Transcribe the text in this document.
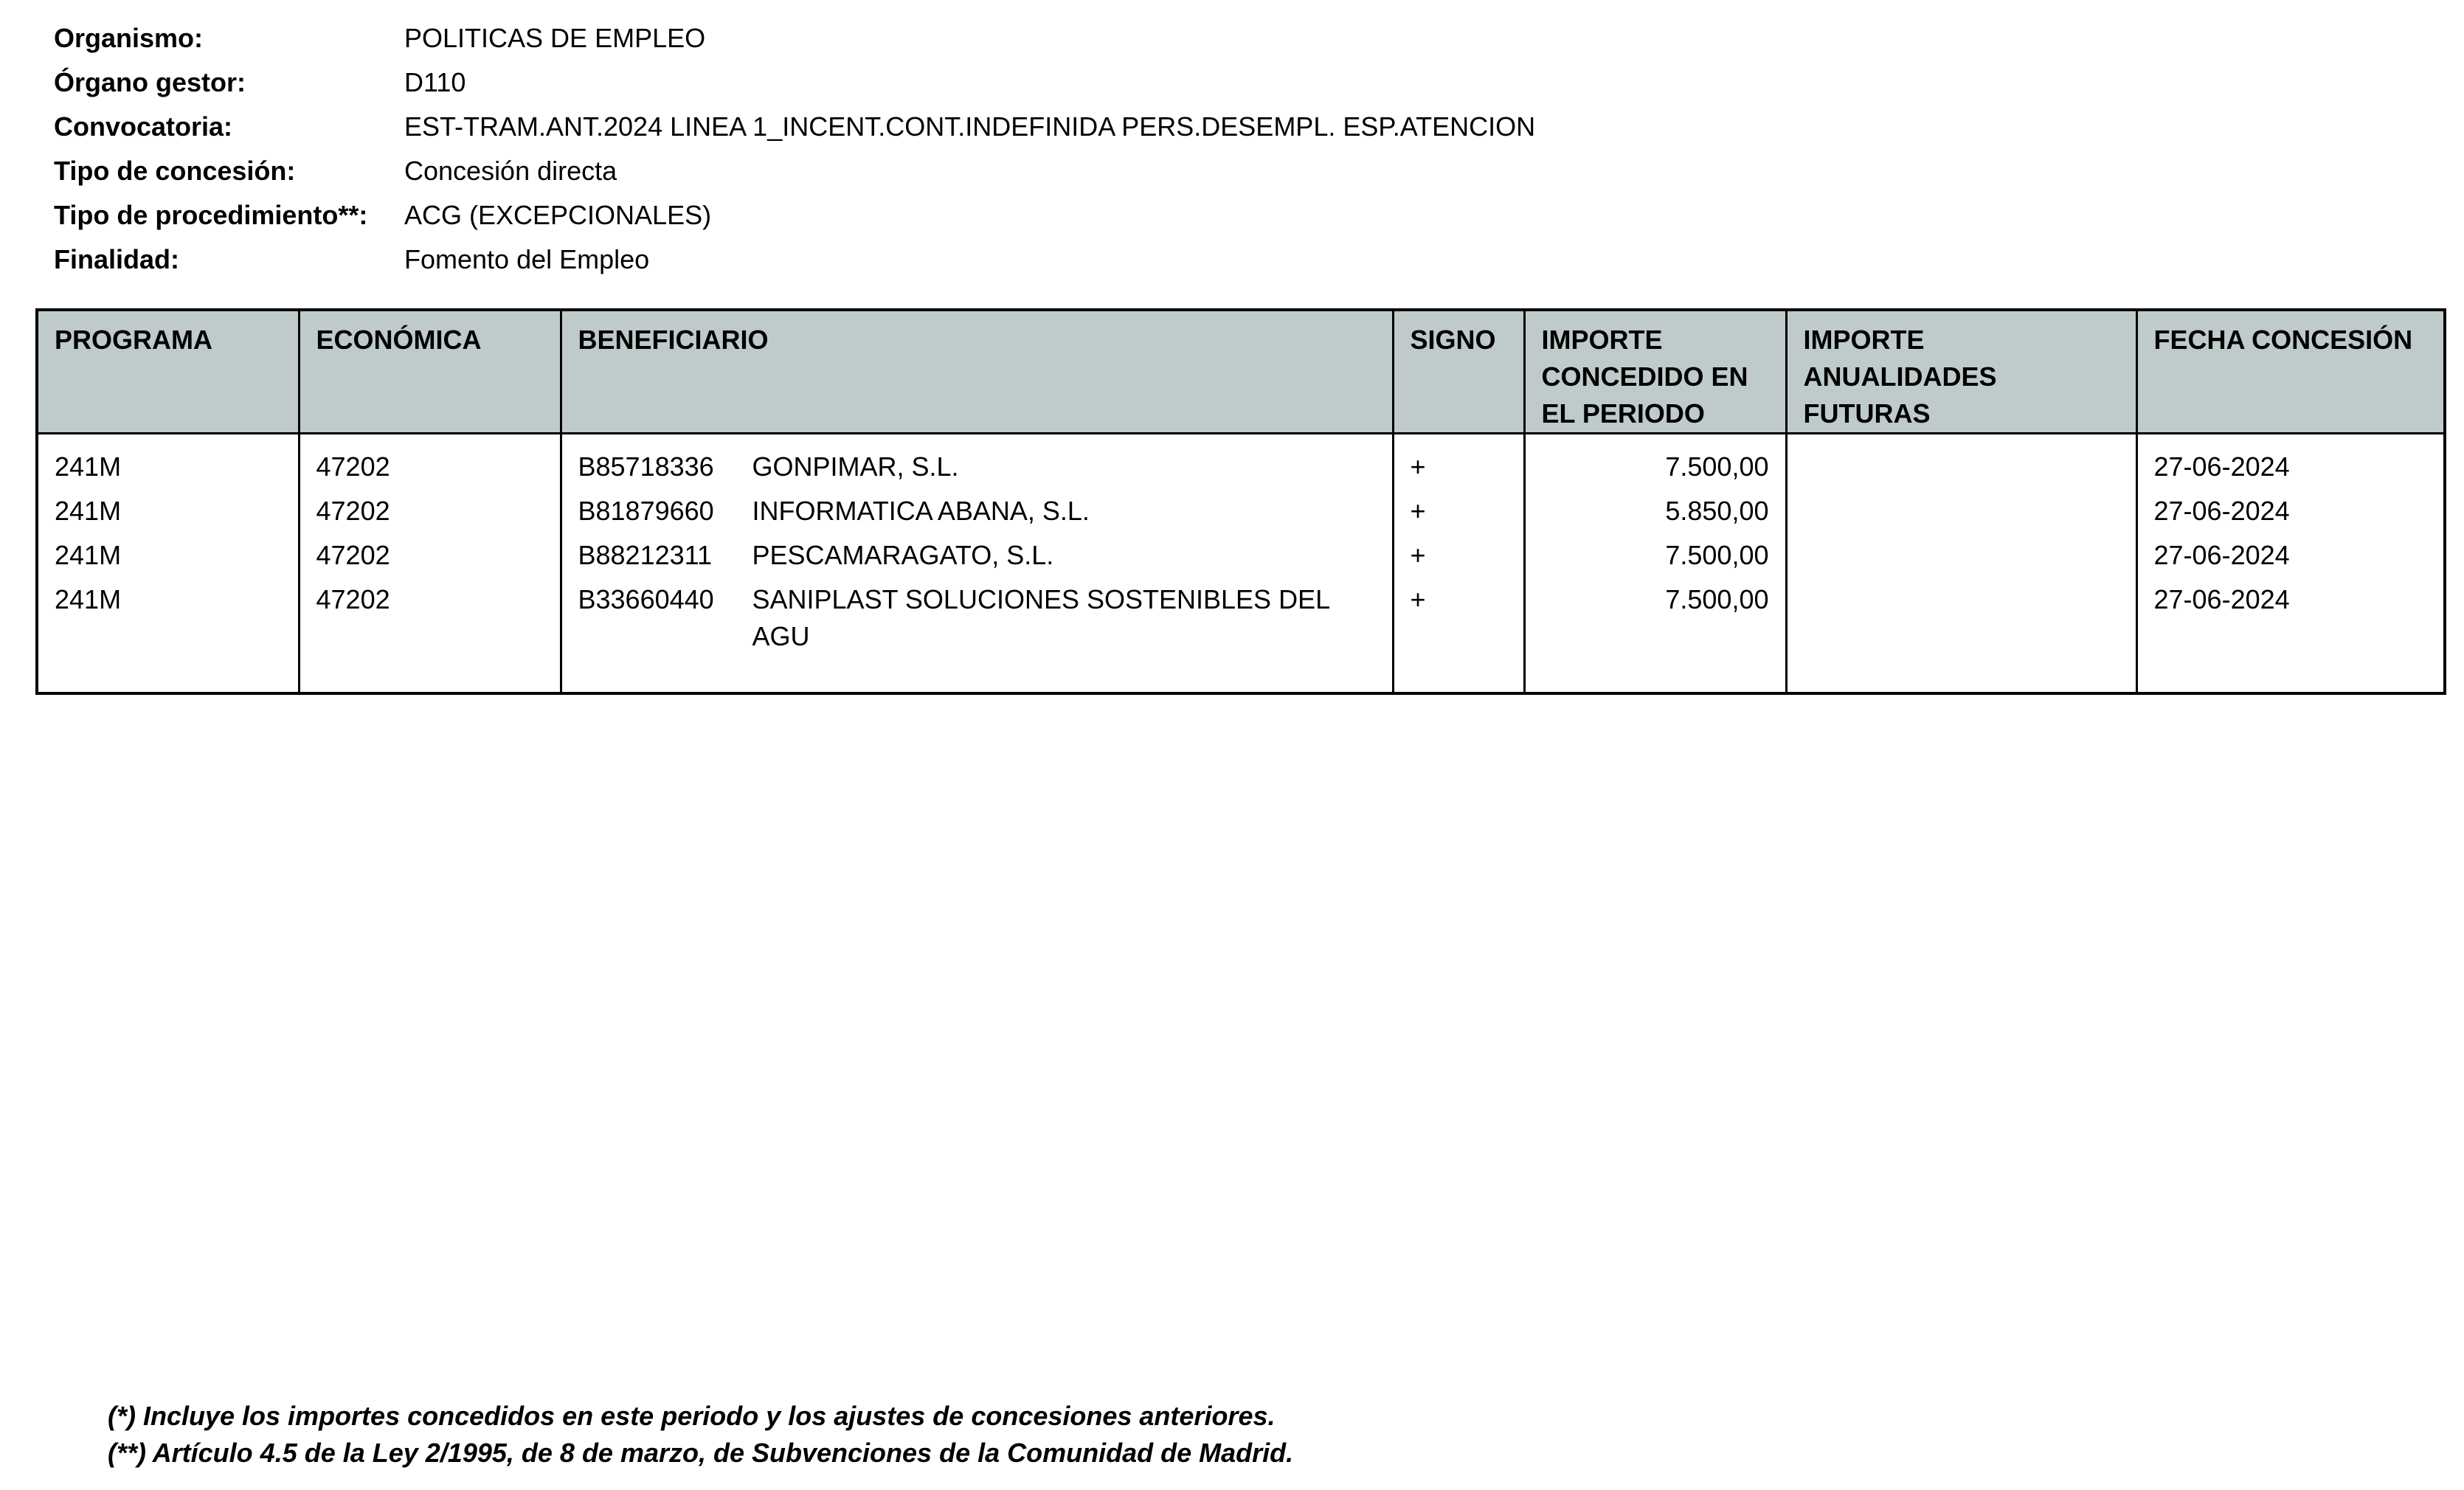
Organismo:	POLITICAS DE EMPLEO
Órgano gestor:	D110
Convocatoria:	EST-TRAM.ANT.2024 LINEA 1_INCENT.CONT.INDEFINIDA PERS.DESEMPL. ESP.ATENCION
Tipo de concesión:	Concesión directa
Tipo de procedimiento**:	ACG (EXCEPCIONALES)
Finalidad:	Fomento del Empleo
PROGRAMA	ECONÓMICA	BENEFICIARIO	SIGNO	IMPORTE CONCEDIDO EN EL PERIODO	IMPORTE ANUALIDADES FUTURAS	FECHA CONCESIÓN
241M	47202	B85718336 GONPIMAR, S.L.	+	7.500,00		27-06-2024
241M	47202	B81879660 INFORMATICA ABANA, S.L.	+	5.850,00		27-06-2024
241M	47202	B88212311 PESCAMARAGATO, S.L.	+	7.500,00		27-06-2024
241M	47202	B33660440 SANIPLAST SOLUCIONES SOSTENIBLES DEL AGU	+	7.500,00		27-06-2024
(*) Incluye los importes concedidos en este periodo y los ajustes de concesiones anteriores.
(**) Artículo 4.5 de la Ley 2/1995, de 8 de marzo, de Subvenciones de la Comunidad de Madrid.
